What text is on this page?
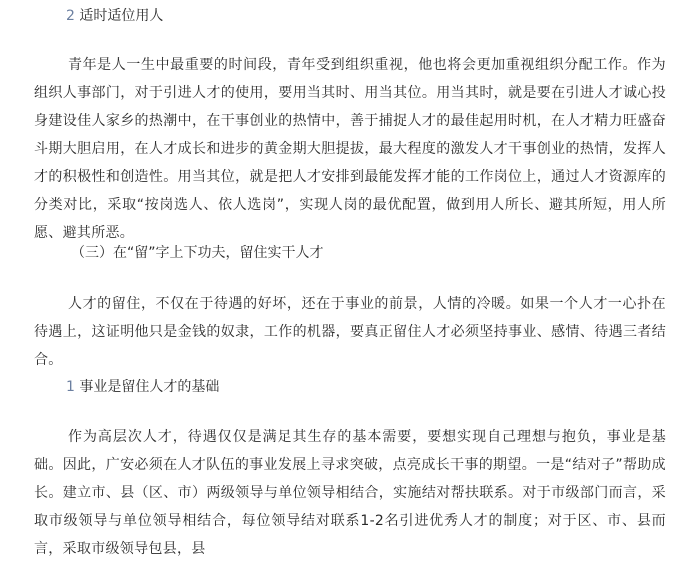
2 适时适位用人

青年是人一生中最重要的时间段，青年受到组织重视，他也将会更加重视组织分配工作。作为组织人事部门，对于引进人才的使用，要用当其时、用当其位。用当其时，就是要在引进人才诚心投身建设佳人家乡的热潮中，在干事创业的热情中，善于捕捉人才的最佳起用时机，在人才精力旺盛奋斗期大胆启用，在人才成长和进步的黄金期大胆提拔，最大程度的激发人才干事创业的热情，发挥人才的积极性和创造性。用当其位，就是把人才安排到最能发挥才能的工作岗位上，通过人才资源库的分类对比，采取“按岗选人、依人选岗”，实现人岗的最优配置，做到用人所长、避其所短，用人所愿、避其所恶。

（三）在“留”字上下功夫，留住实干人才

人才的留住，不仅在于待遇的好坏，还在于事业的前景，人情的冷暖。如果一个人才一心扑在待遇上，这证明他只是金钱的奴隶，工作的机器，要真正留住人才必须坚持事业、感情、待遇三者结合。

1 事业是留住人才的基础

作为高层次人才，待遇仅仅是满足其生存的基本需要，要想实现自己理想与抱负，事业是基础。因此，广安必须在人才队伍的事业发展上寻求突破，点亮成长干事的期望。一是“结对子”帮助成长。建立市、县（区、市）两级领导与单位领导相结合，实施结对帮扶联系。对于市级部门而言，采取市级领导与单位领导相结合，每位领导结对联系1-2名引进优秀人才的制度；对于区、市、县而言，采取市级领导包县，县
